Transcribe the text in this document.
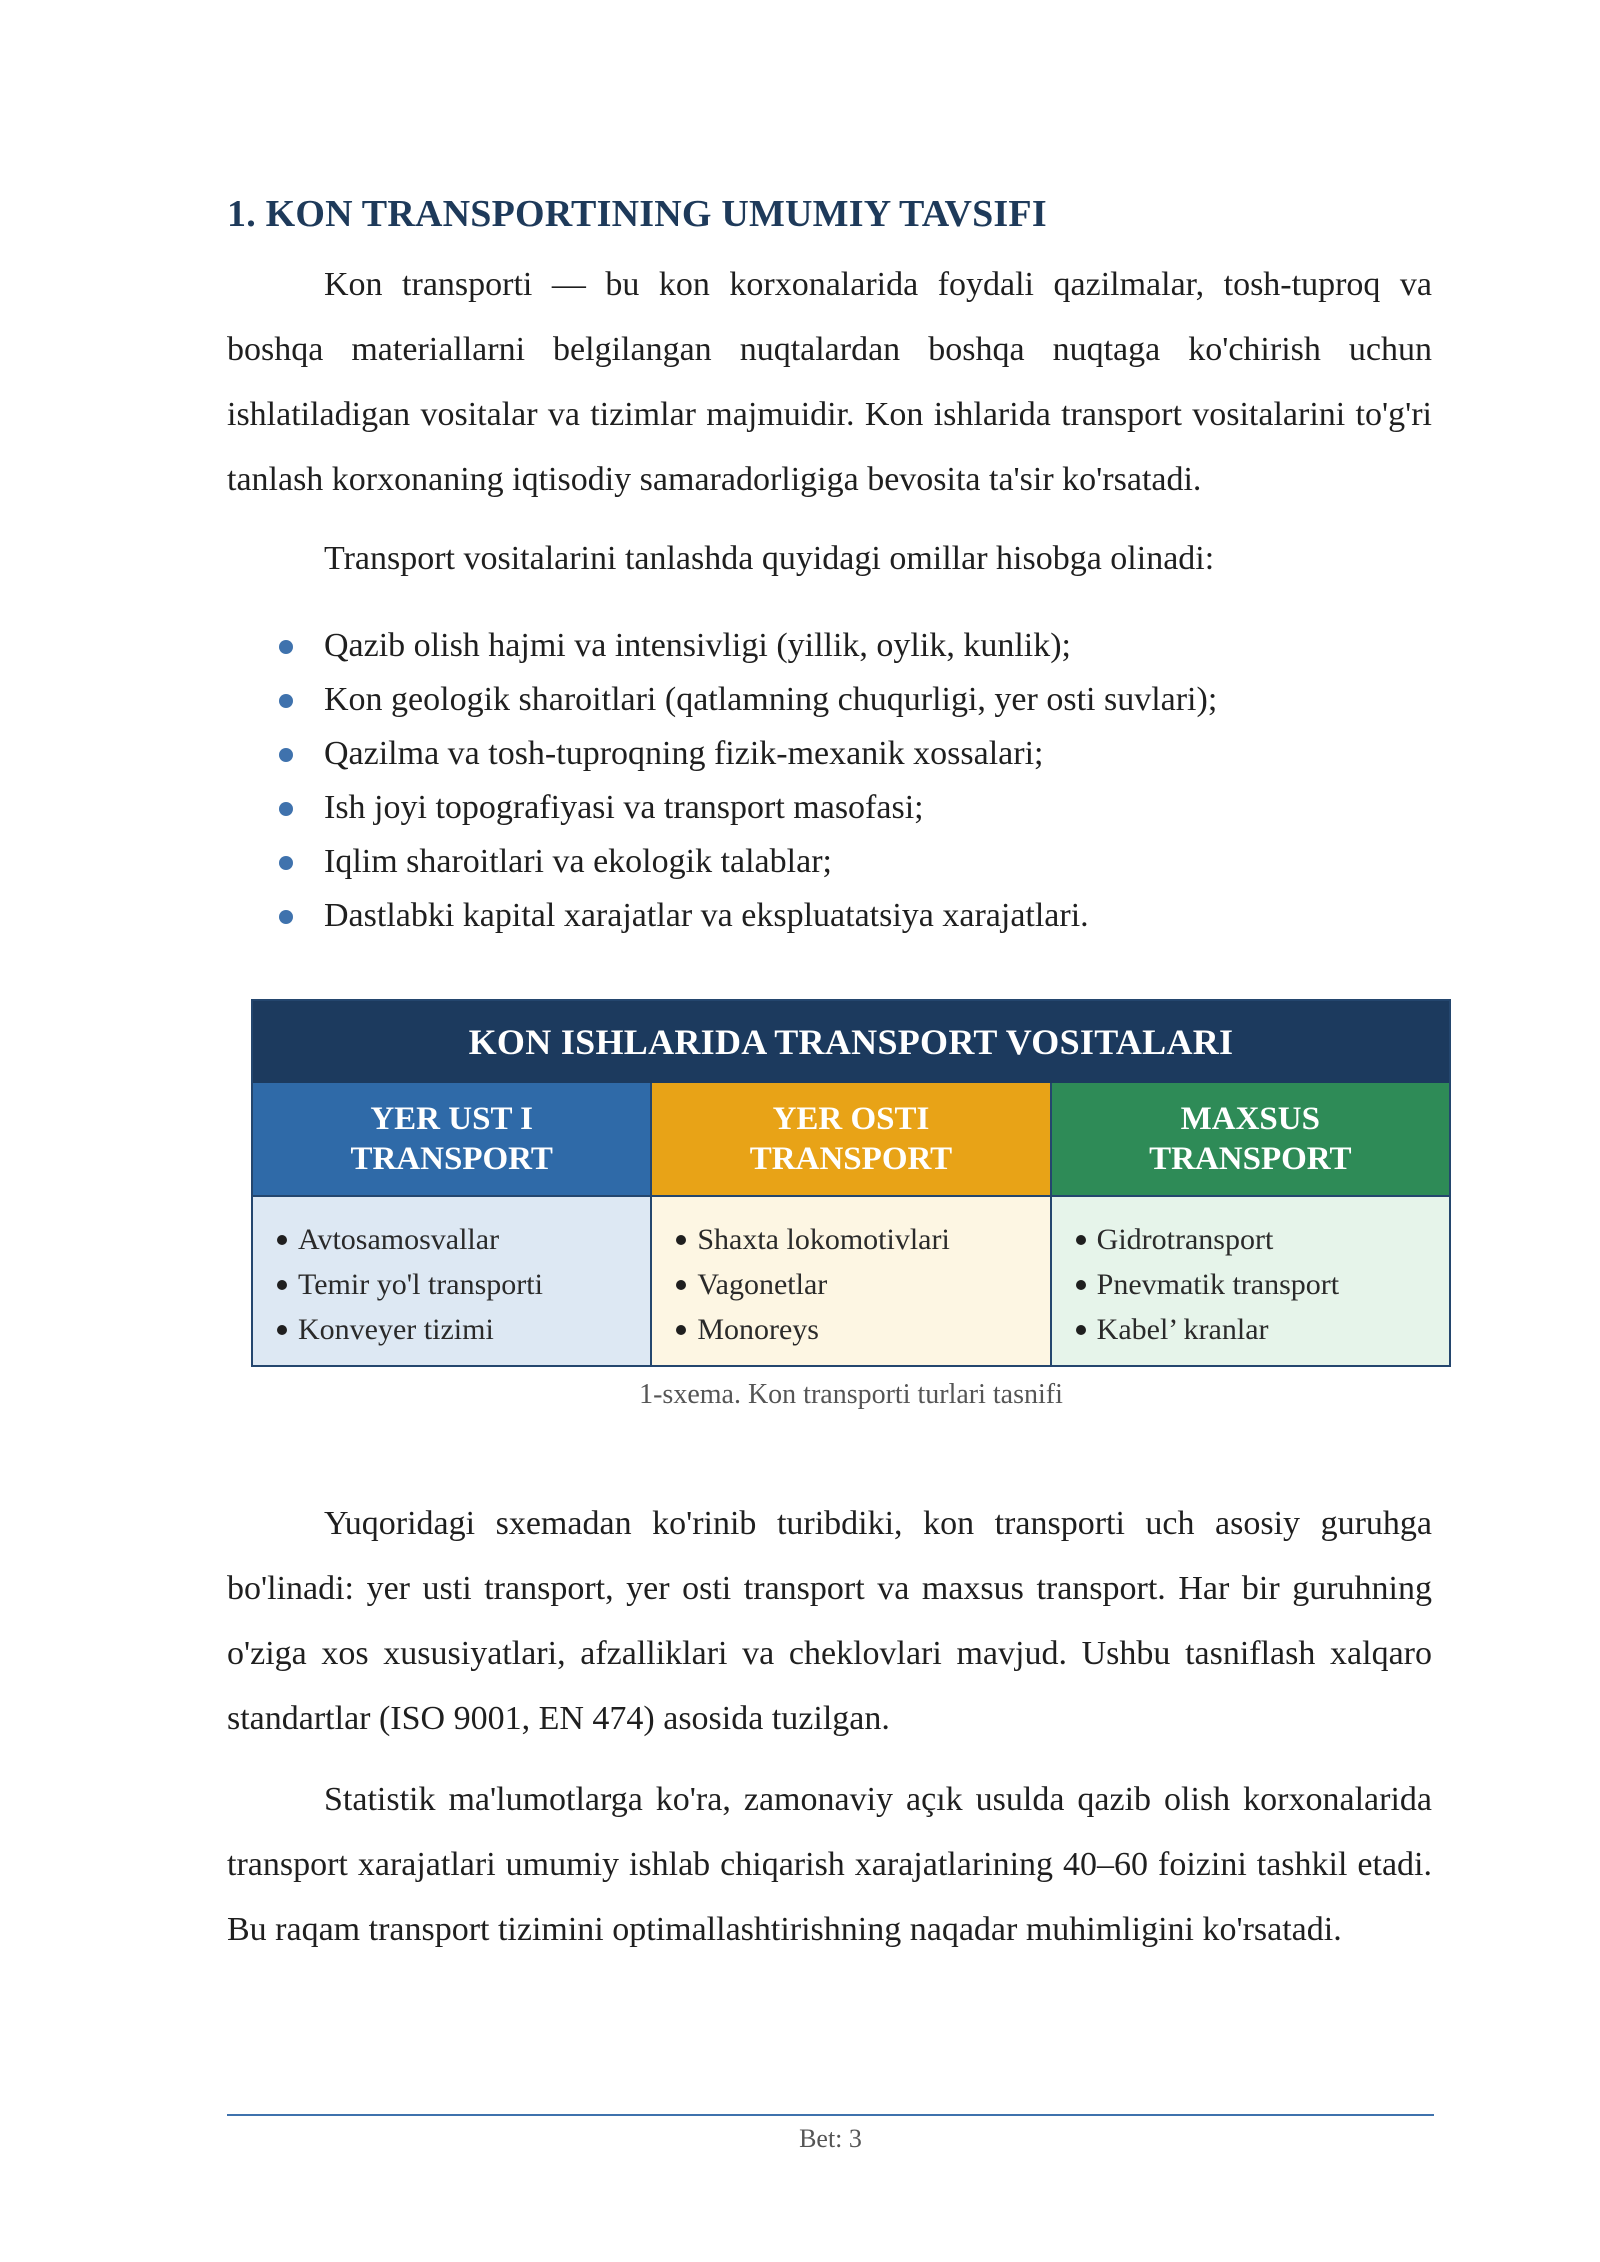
1. KON TRANSPORTINING UMUMIY TAVSIFI

Kon transporti — bu kon korxonalarida foydali qazilmalar, tosh-tuproq va boshqa materiallarni belgilangan nuqtalardan boshqa nuqtaga ko'chirish uchun ishlatiladigan vositalar va tizimlar majmuidir. Kon ishlarida transport vositalarini to'g'ri tanlash korxonaning iqtisodiy samaradorligiga bevosita ta'sir ko'rsatadi.

Transport vositalarini tanlashda quyidagi omillar hisobga olinadi:

Qazib olish hajmi va intensivligi (yillik, oylik, kunlik);
Kon geologik sharoitlari (qatlamning chuqurligi, yer osti suvlari);
Qazilma va tosh-tuproqning fizik-mexanik xossalari;
Ish joyi topografiyasi va transport masofasi;
Iqlim sharoitlari va ekologik talablar;
Dastlabki kapital xarajatlar va ekspluatatsiya xarajatlari.
KON ISHLARIDA TRANSPORT VOSITALARI
YER UST I
TRANSPORT
Avtosamosvallar
Temir yo'l transporti
Konveyer tizimi
YER OSTI
TRANSPORT
Shaxta lokomotivlari
Vagonetlar
Monoreys
MAXSUS
TRANSPORT
Gidrotransport
Pnevmatik transport
Kabel’ kranlar
1-sxema. Kon transporti turlari tasnifi

Yuqoridagi sxemadan ko'rinib turibdiki, kon transporti uch asosiy guruhga bo'linadi: yer usti transport, yer osti transport va maxsus transport. Har bir guruhning o'ziga xos xususiyatlari, afzalliklari va cheklovlari mavjud. Ushbu tasniflash xalqaro standartlar (ISO 9001, EN 474) asosida tuzilgan.

Statistik ma'lumotlarga ko'ra, zamonaviy açık usulda qazib olish korxonalarida transport xarajatlari umumiy ishlab chiqarish xarajatlarining 40–60 foizini tashkil etadi. Bu raqam transport tizimini optimallashtirishning naqadar muhimligini ko'rsatadi.

Bet: 3
